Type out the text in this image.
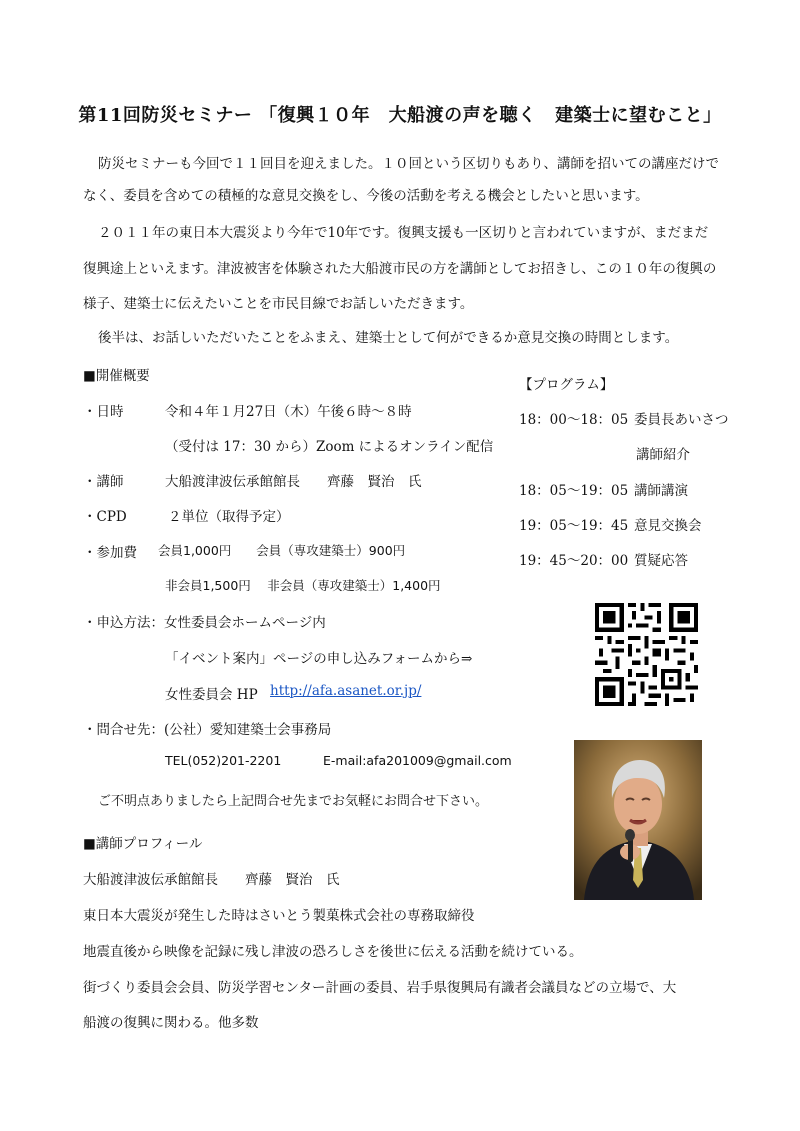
第11回防災セミナー 「復興１０年　大船渡の声を聴く　建築士に望むこと」
防災セミナーも今回で１１回目を迎えました。１０回という区切りもあり、講師を招いての講座だけで
なく、委員を含めての積極的な意見交換をし、今後の活動を考える機会としたいと思います。
２０１１年の東日本大震災より今年で10年です。復興支援も一区切りと言われていますが、まだまだ
復興途上といえます。津波被害を体験された大船渡市民の方を講師としてお招きし、この１０年の復興の
様子、建築士に伝えたいことを市民目線でお話しいただきます。
後半は、お話しいただいたことをふまえ、建築士として何ができるか意見交換の時間とします。
■開催概要
・日時	令和４年１月27日（木）午後６時～８時
（受付は 17：30 から）Zoom によるオンライン配信
・講師	大船渡津波伝承館館長　　齊藤　賢治　氏
・CPD	２単位（取得予定）
・参加費 会員1,000円　　会員（専攻建築士）900円
非会員1,500円　 非会員（専攻建築士）1,400円
・申込方法：女性委員会ホームページ内
「イベント案内」ページの申し込みフォームから⇒
女性委員会 HP http://afa.asanet.or.jp/
・問合せ先：(公社）愛知建築士会事務局
TEL(052)201-2201	E-mail:afa201009@gmail.com
ご不明点ありましたら上記問合せ先までお気軽にお問合せ下さい。
【プログラム】
18：00～18：05 委員長あいさつ
講師紹介
18：05～19：05 講師講演
19：05～19：45 意見交換会
19：45～20：00 質疑応答
■講師プロフィール
大船渡津波伝承館館長　　齊藤　賢治　氏
東日本大震災が発生した時はさいとう製菓株式会社の専務取締役
地震直後から映像を記録に残し津波の恐ろしさを後世に伝える活動を続けている。
街づくり委員会会員、防災学習センター計画の委員、岩手県復興局有識者会議員などの立場で、大
船渡の復興に関わる。他多数
